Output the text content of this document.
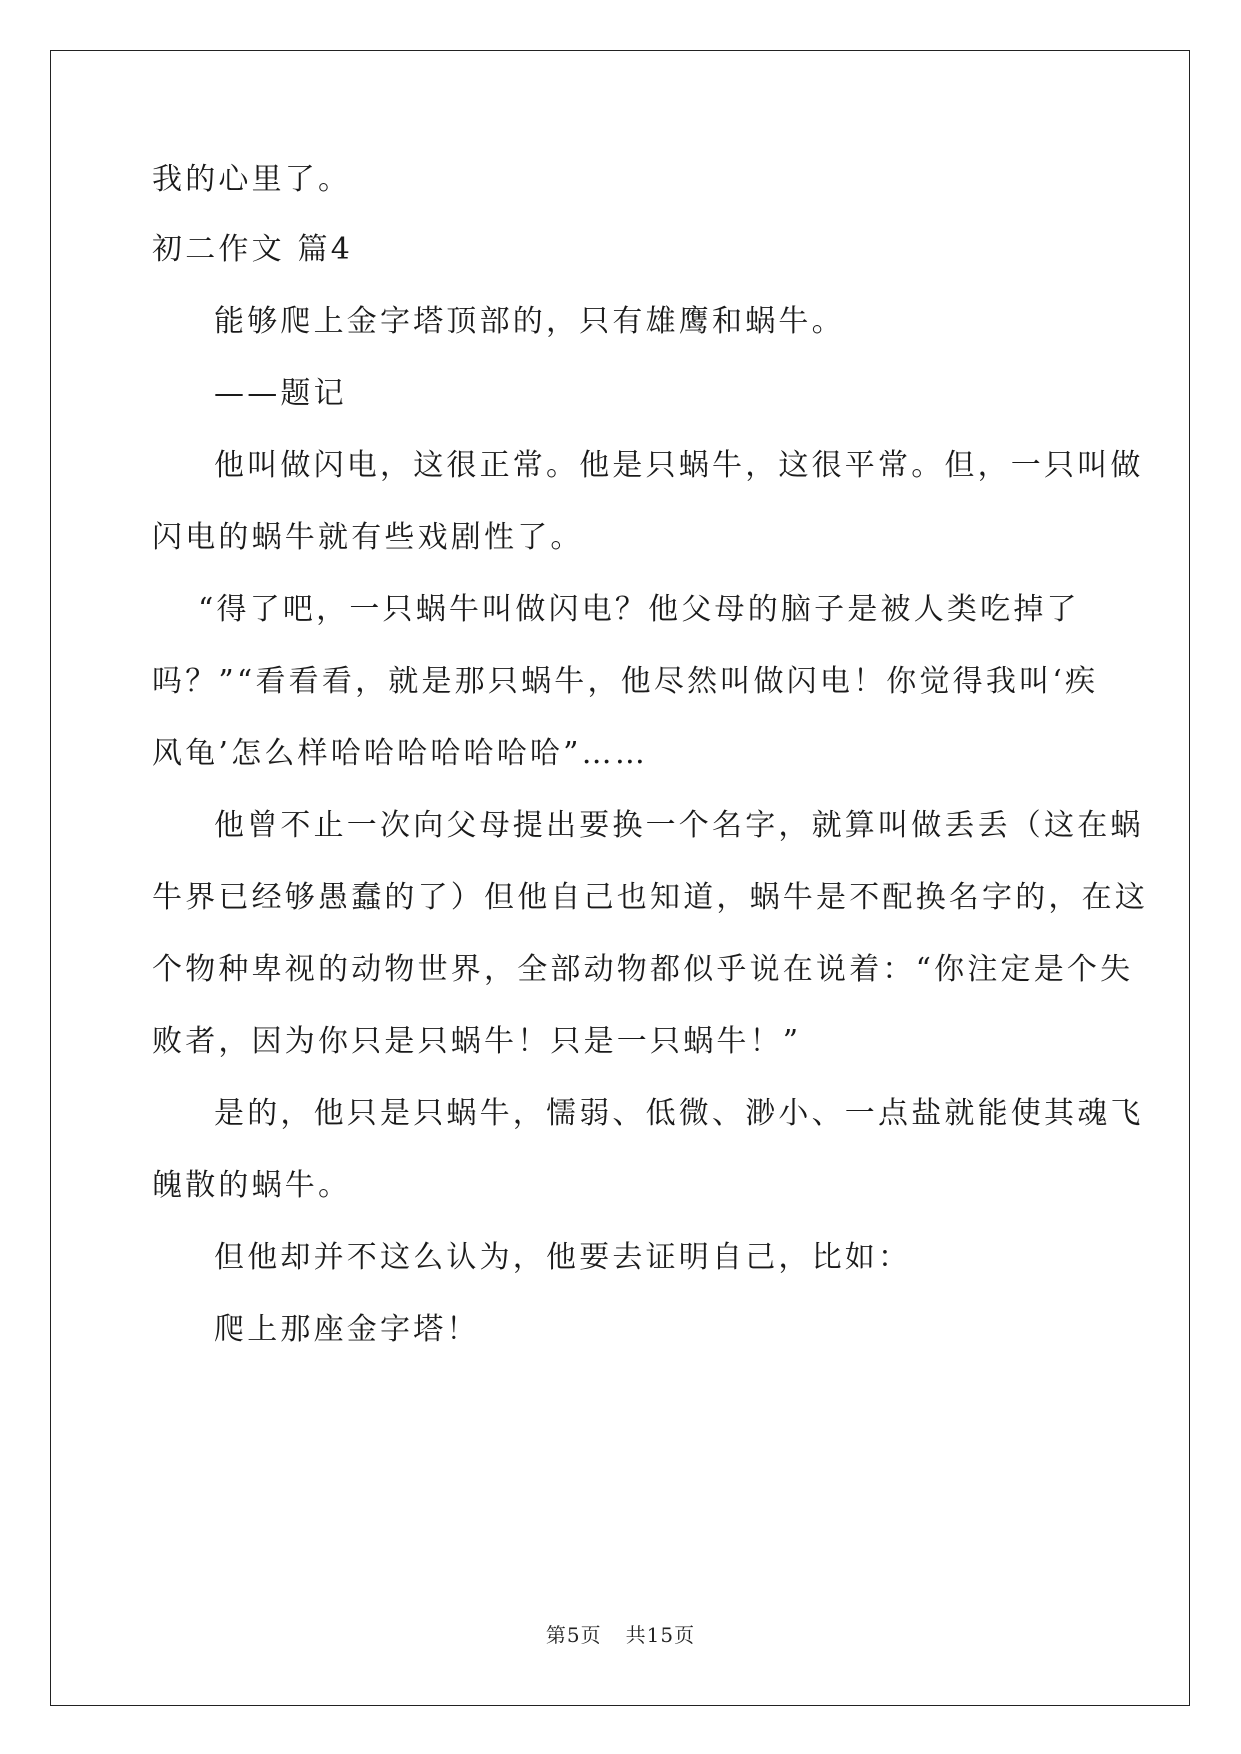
我的心里了。
初二作文 篇4
能够爬上金字塔顶部的，只有雄鹰和蜗牛。
——题记
他叫做闪电，这很正常。他是只蜗牛，这很平常。但，一只叫做
闪电的蜗牛就有些戏剧性了。
“得了吧，一只蜗牛叫做闪电？他父母的脑子是被人类吃掉了
吗？”“看看看，就是那只蜗牛，他尽然叫做闪电！你觉得我叫‘疾
风龟’怎么样哈哈哈哈哈哈哈”……
他曾不止一次向父母提出要换一个名字，就算叫做丢丢（这在蜗
牛界已经够愚蠢的了）但他自己也知道，蜗牛是不配换名字的，在这
个物种卑视的动物世界，全部动物都似乎说在说着：“你注定是个失
败者，因为你只是只蜗牛！只是一只蜗牛！”
是的，他只是只蜗牛，懦弱、低微、渺小、一点盐就能使其魂飞
魄散的蜗牛。
但他却并不这么认为，他要去证明自己，比如：
爬上那座金字塔！
第5页 共15页
